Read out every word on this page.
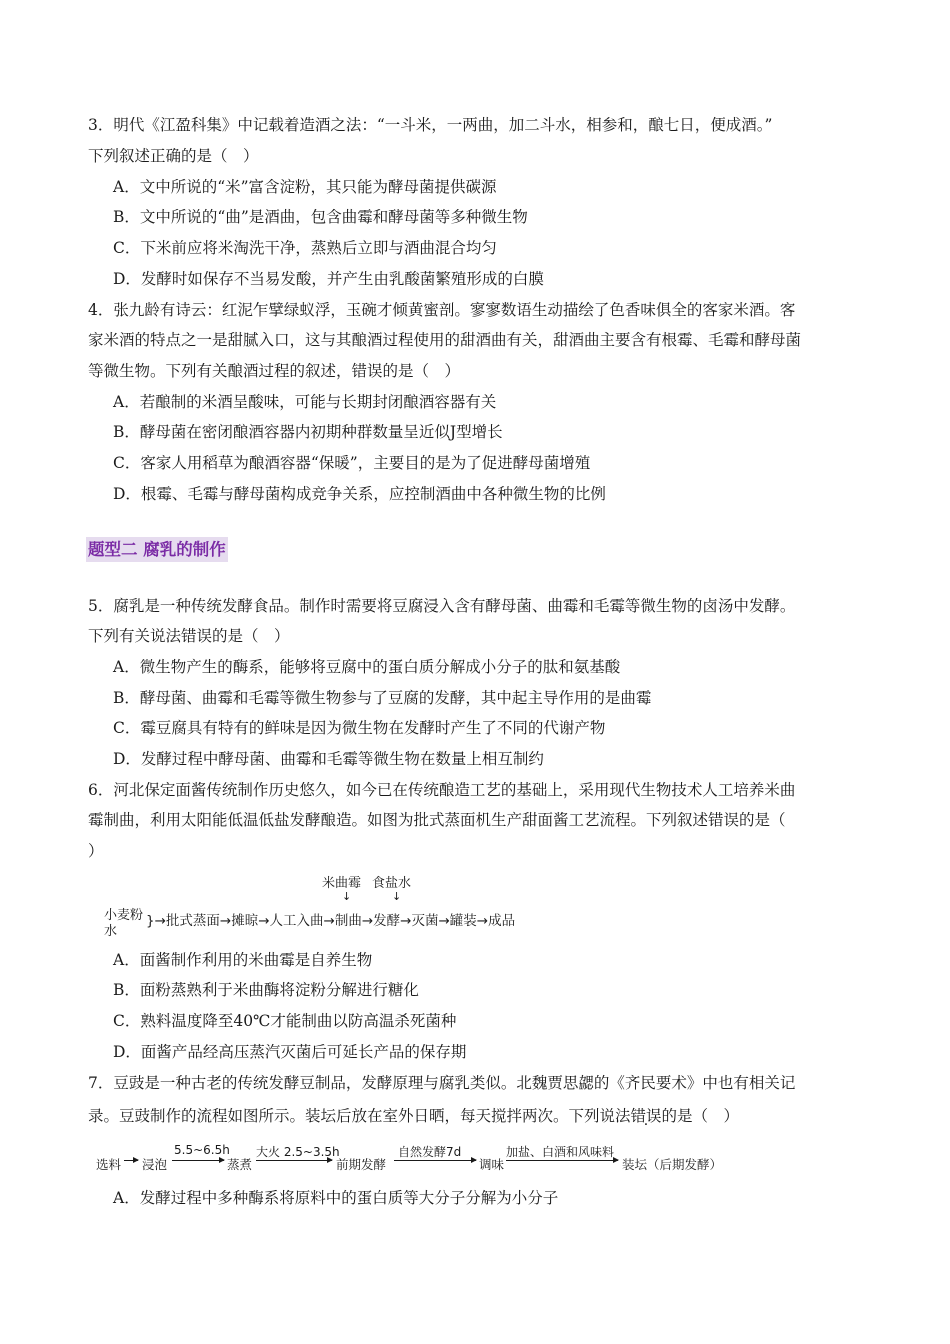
3．明代《江盈科集》中记载着造酒之法：“一斗米，一两曲，加二斗水，相参和，酿七日，便成酒。”
下列叙述正确的是（　）
A．文中所说的“米”富含淀粉，其只能为酵母菌提供碳源
B．文中所说的“曲”是酒曲，包含曲霉和酵母菌等多种微生物
C．下米前应将米淘洗干净，蒸熟后立即与酒曲混合均匀
D．发酵时如保存不当易发酸，并产生由乳酸菌繁殖形成的白膜
4．张九龄有诗云：红泥乍擘绿蚁浮，玉碗才倾黄蜜剖。寥寥数语生动描绘了色香味俱全的客家米酒。客
家米酒的特点之一是甜腻入口，这与其酿酒过程使用的甜酒曲有关，甜酒曲主要含有根霉、毛霉和酵母菌
等微生物。下列有关酿酒过程的叙述，错误的是（　）
A．若酿制的米酒呈酸味，可能与长期封闭酿酒容器有关
B．酵母菌在密闭酿酒容器内初期种群数量呈近似J型增长
C．客家人用稻草为酿酒容器“保暖”，主要目的是为了促进酵母菌增殖
D．根霉、毛霉与酵母菌构成竞争关系，应控制酒曲中各种微生物的比例
题型二 腐乳的制作
5．腐乳是一种传统发酵食品。制作时需要将豆腐浸入含有酵母菌、曲霉和毛霉等微生物的卤汤中发酵。
下列有关说法错误的是（　）
A．微生物产生的酶系，能够将豆腐中的蛋白质分解成小分子的肽和氨基酸
B．酵母菌、曲霉和毛霉等微生物参与了豆腐的发酵，其中起主导作用的是曲霉
C．霉豆腐具有特有的鲜味是因为微生物在发酵时产生了不同的代谢产物
D．发酵过程中酵母菌、曲霉和毛霉等微生物在数量上相互制约
6．河北保定面酱传统制作历史悠久，如今已在传统酿造工艺的基础上，采用现代生物技术人工培养米曲
霉制曲，利用太阳能低温低盐发酵酿造。如图为批式蒸面机生产甜面酱工艺流程。下列叙述错误的是（
）
米曲霉 食盐水
↓	↓
小麦粉
水
}→批式蒸面→摊晾→人工入曲→制曲→发酵→灭菌→罐装→成品
A．面酱制作利用的米曲霉是自养生物
B．面粉蒸熟利于米曲酶将淀粉分解进行糖化
C．熟料温度降至40℃才能制曲以防高温杀死菌种
D．面酱产品经高压蒸汽灭菌后可延长产品的保存期
7．豆豉是一种古老的传统发酵豆制品，发酵原理与腐乳类似。北魏贾思勰的《齐民要术》中也有相关记
录。豆豉制作的流程如图所示。装坛后放在室外日晒，每天搅拌两次。下列说法错误的是（　）
选料 浸泡
5.5~6.5h
蒸煮
大火 2.5~3.5h
前期发酵
自然发酵7d
调味
加盐、白酒和风味料
装坛（后期发酵）
A．发酵过程中多种酶系将原料中的蛋白质等大分子分解为小分子
